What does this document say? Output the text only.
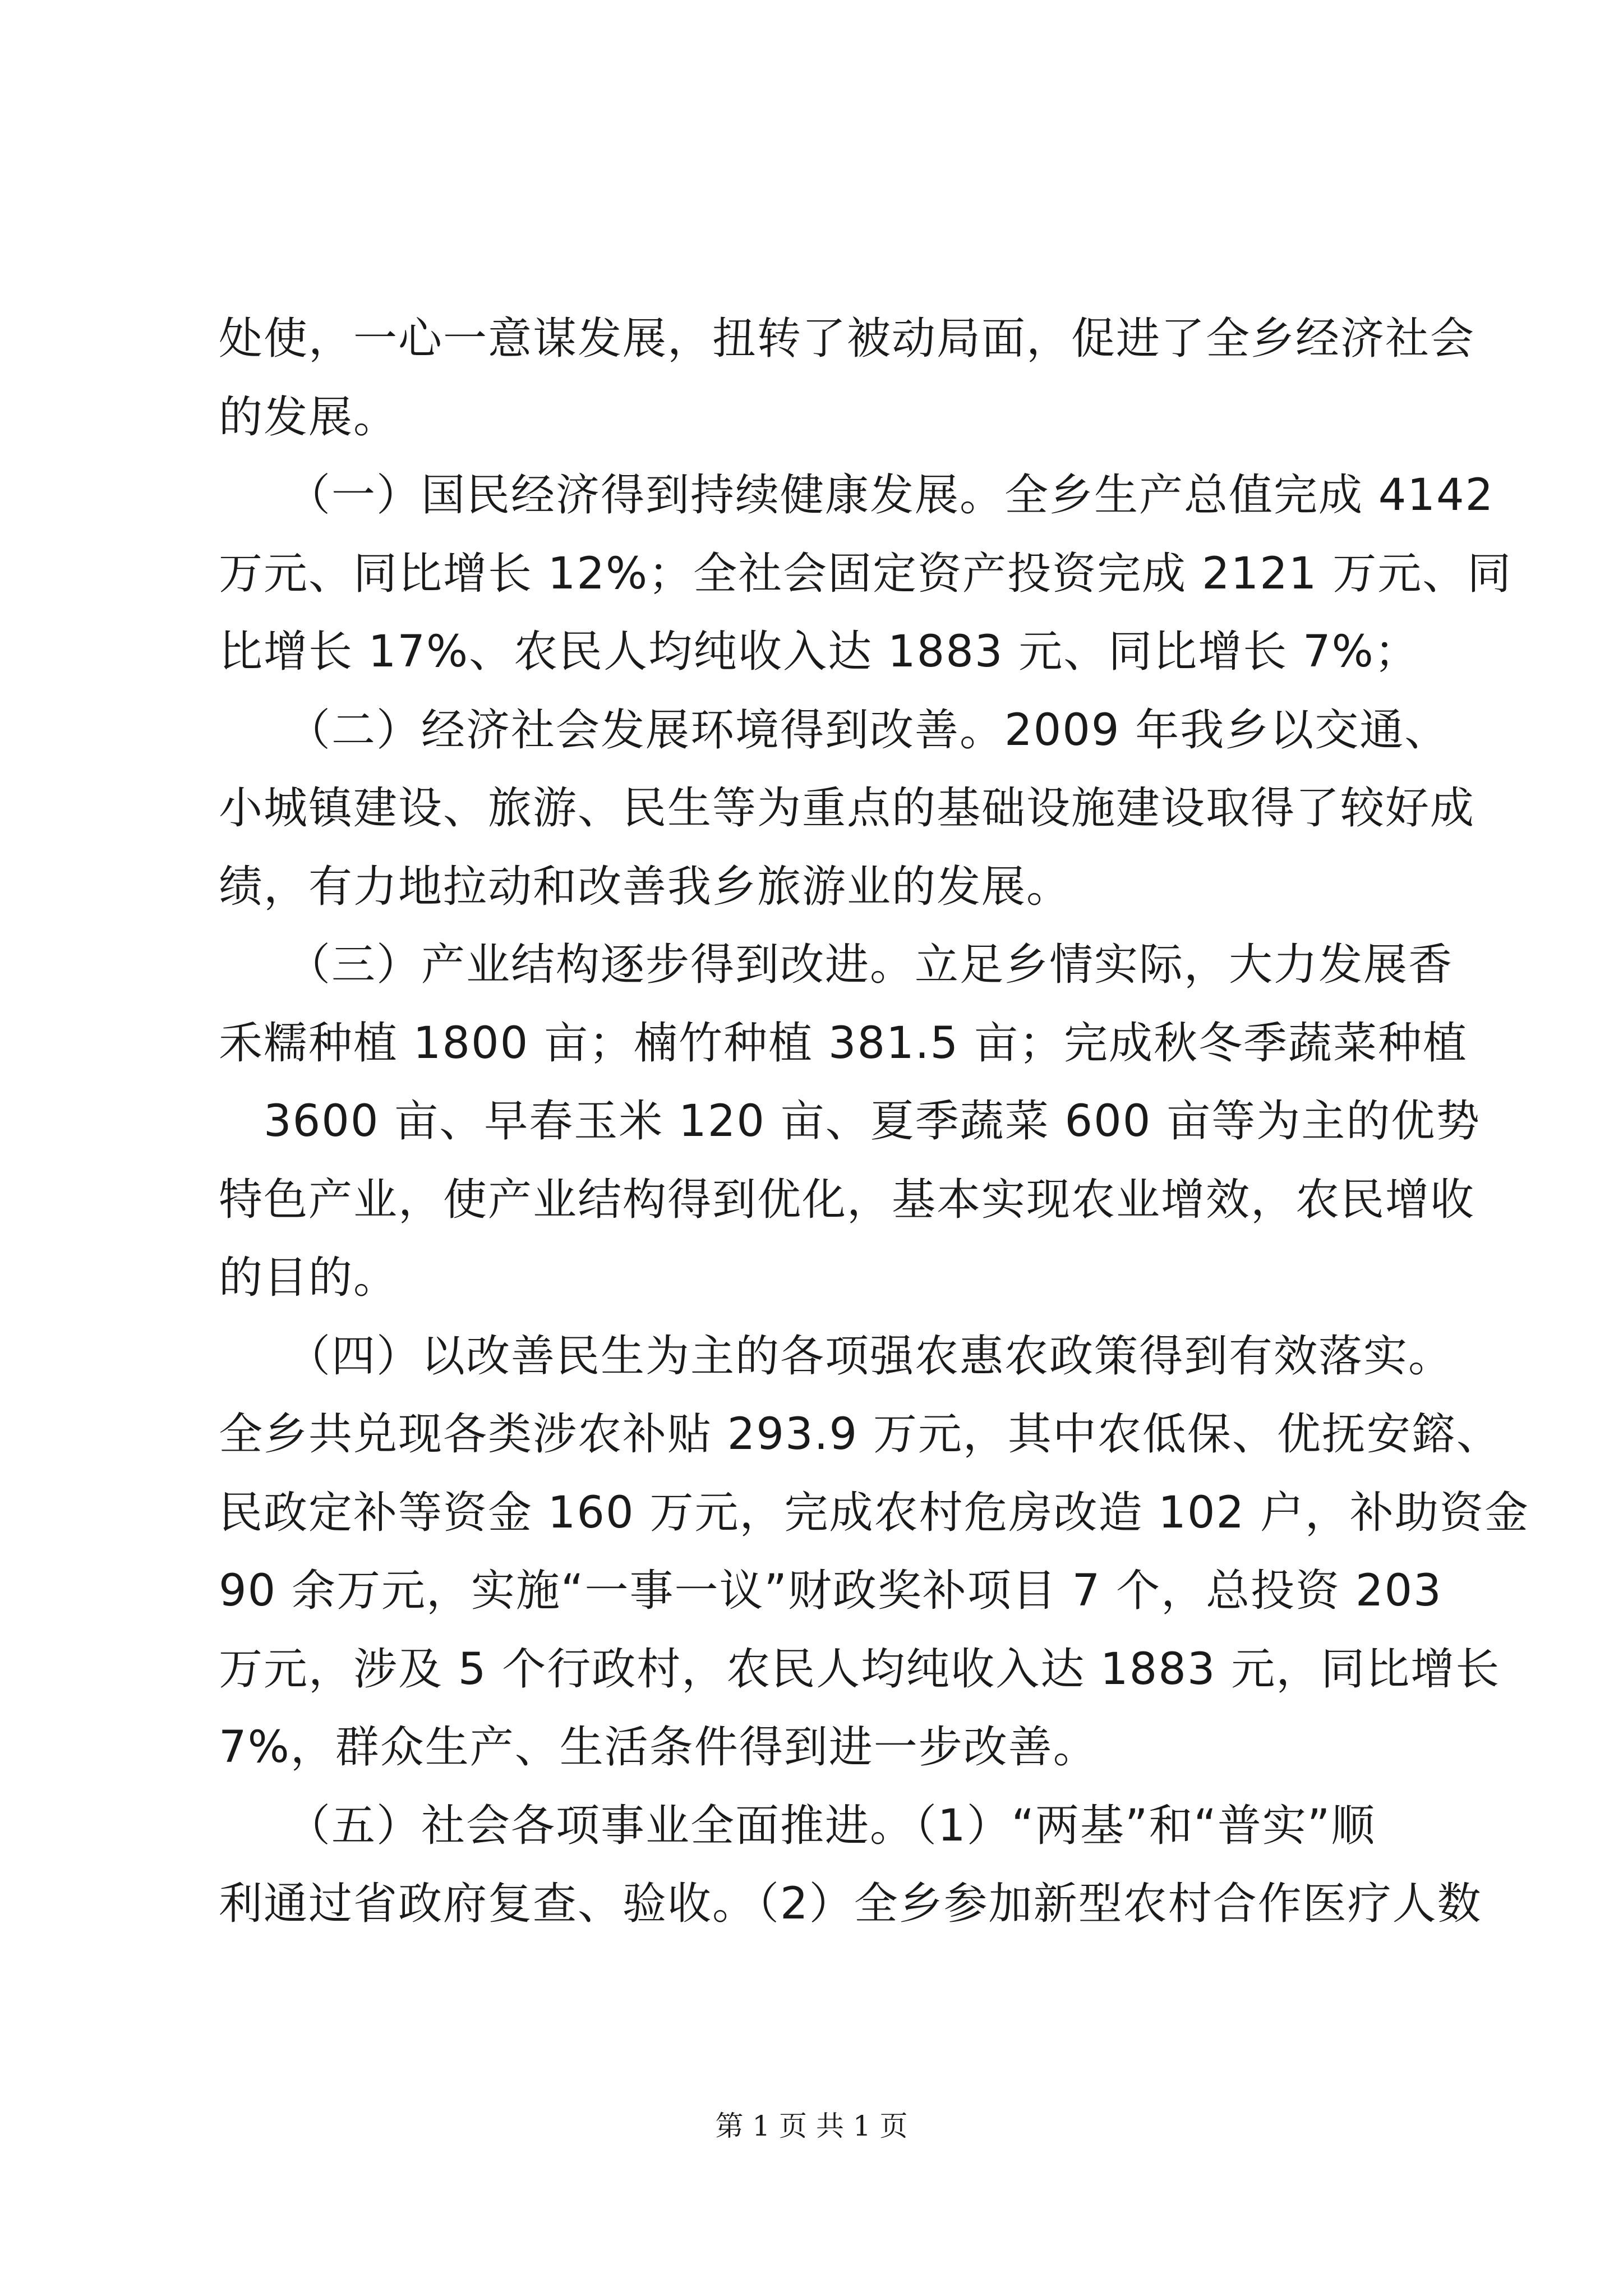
处使，一心一意谋发展，扭转了被动局面，促进了全乡经济社会
的发展。
　　（一）国民经济得到持续健康发展。全乡生产总值完成 4142
万元、同比增长 12%；全社会固定资产投资完成 2121 万元、同
比增长 17%、农民人均纯收入达 1883 元、同比增长 7%；
　　（二）经济社会发展环境得到改善。2009 年我乡以交通、
小城镇建设、旅游、民生等为重点的基础设施建设取得了较好成
绩，有力地拉动和改善我乡旅游业的发展。
　　（三）产业结构逐步得到改进。立足乡情实际，大力发展香
禾糯种植 1800 亩；楠竹种植 381.5 亩；完成秋冬季蔬菜种植
　3600 亩、早春玉米 120 亩、夏季蔬菜 600 亩等为主的优势
特色产业，使产业结构得到优化，基本实现农业增效，农民增收
的目的。
　　（四）以改善民生为主的各项强农惠农政策得到有效落实。
全乡共兑现各类涉农补贴 293.9 万元，其中农低保、优抚安鎔、
民政定补等资金 160 万元，完成农村危房改造 102 户，补助资金
90 余万元，实施“一事一议”财政奖补项目 7 个，总投资 203
万元，涉及 5 个行政村，农民人均纯收入达 1883 元，同比增长
7%，群众生产、生活条件得到进一步改善。
　　（五）社会各项事业全面推进。（1）“两基”和“普实”顺
利通过省政府复查、验收。（2）全乡参加新型农村合作医疗人数
第 1 页 共 1 页
